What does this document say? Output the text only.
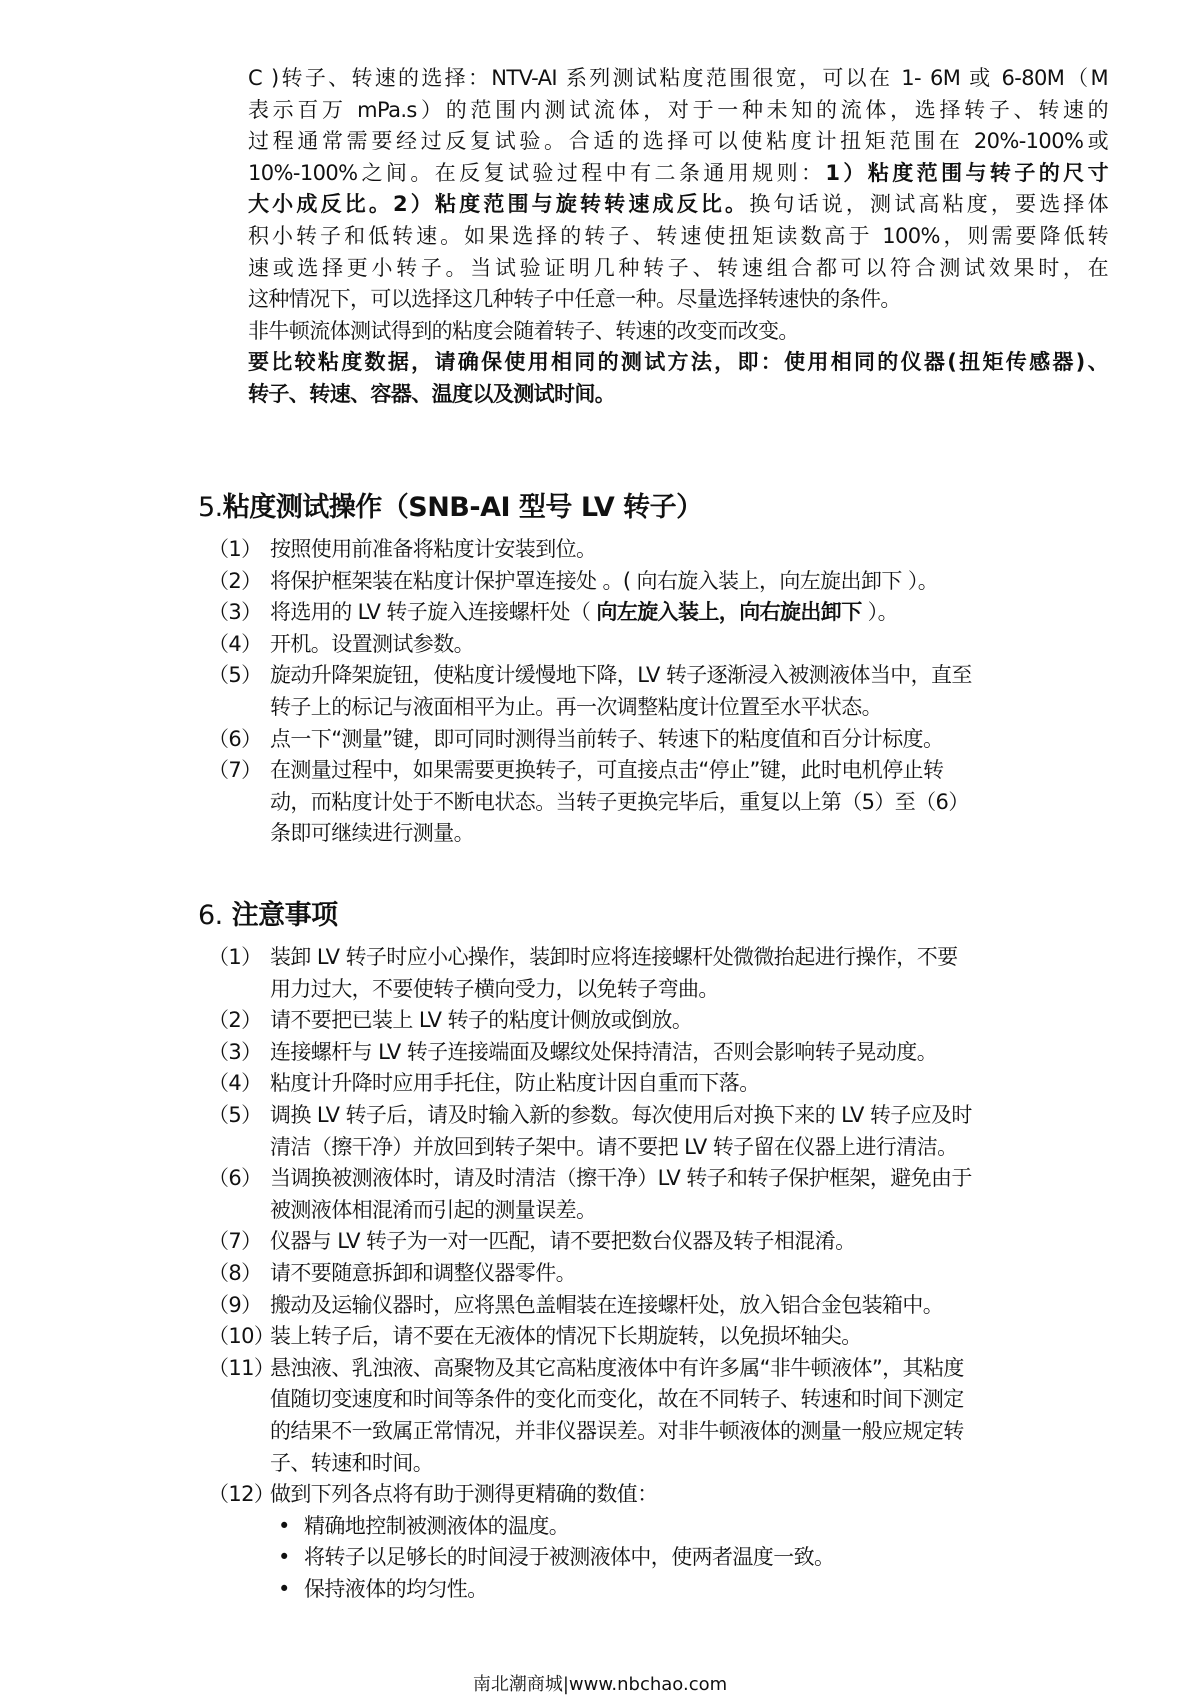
C )转子、转速的选择：NTV-AI 系列测试粘度范围很宽，可以在 1- 6M 或 6-80M（M
表示百万 mPa.s）的范围内测试流体，对于一种未知的流体，选择转子、转速的
过程通常需要经过反复试验。合适的选择可以使粘度计扭矩范围在 20%-100%或
10%-100%之间。在反复试验过程中有二条通用规则：1）粘度范围与转子的尺寸
大小成反比。2）粘度范围与旋转转速成反比。换句话说，测试高粘度，要选择体
积小转子和低转速。如果选择的转子、转速使扭矩读数高于 100%，则需要降低转
速或选择更小转子。当试验证明几种转子、转速组合都可以符合测试效果时，在
这种情况下，可以选择这几种转子中任意一种。尽量选择转速快的条件。
非牛顿流体测试得到的粘度会随着转子、转速的改变而改变。
要比较粘度数据，请确保使用相同的测试方法，即：使用相同的仪器(扭矩传感器)、
转子、转速、容器、温度以及测试时间。
5.粘度测试操作（SNB-AI 型号 LV 转子）
（1） 按照使用前准备将粘度计安装到位。
（2） 将保护框架装在粘度计保护罩连接处 。( 向右旋入装上，向左旋出卸下 ）。
（3） 将选用的 LV 转子旋入连接螺杆处（ 向左旋入装上，向右旋出卸下 ）。
（4） 开机。设置测试参数。
（5） 旋动升降架旋钮，使粘度计缓慢地下降，LV 转子逐渐浸入被测液体当中，直至
转子上的标记与液面相平为止。再一次调整粘度计位置至水平状态。
（6） 点一下“测量”键，即可同时测得当前转子、转速下的粘度值和百分计标度。
（7） 在测量过程中，如果需要更换转子，可直接点击“停止”键，此时电机停止转
动，而粘度计处于不断电状态。当转子更换完毕后，重复以上第（5）至（6）
条即可继续进行测量。
6. 注意事项
（1） 装卸 LV 转子时应小心操作，装卸时应将连接螺杆处微微抬起进行操作，不要
用力过大，不要使转子横向受力，以免转子弯曲。
（2） 请不要把已装上 LV 转子的粘度计侧放或倒放。
（3） 连接螺杆与 LV 转子连接端面及螺纹处保持清洁，否则会影响转子晃动度。
（4） 粘度计升降时应用手托住，防止粘度计因自重而下落。
（5） 调换 LV 转子后，请及时输入新的参数。每次使用后对换下来的 LV 转子应及时
清洁（擦干净）并放回到转子架中。请不要把 LV 转子留在仪器上进行清洁。
（6） 当调换被测液体时，请及时清洁（擦干净）LV 转子和转子保护框架，避免由于
被测液体相混淆而引起的测量误差。
（7） 仪器与 LV 转子为一对一匹配，请不要把数台仪器及转子相混淆。
（8） 请不要随意拆卸和调整仪器零件。
（9） 搬动及运输仪器时，应将黑色盖帽装在连接螺杆处，放入铝合金包装箱中。
（10）
装上转子后，请不要在无液体的情况下长期旋转，以免损坏轴尖。
（11）
悬浊液、乳浊液、高聚物及其它高粘度液体中有许多属“非牛顿液体”，其粘度
值随切变速度和时间等条件的变化而变化，故在不同转子、转速和时间下测定
的结果不一致属正常情况，并非仪器误差。对非牛顿液体的测量一般应规定转
子、转速和时间。
（12）
做到下列各点将有助于测得更精确的数值：
• 精确地控制被测液体的温度。
• 将转子以足够长的时间浸于被测液体中，使两者温度一致。
• 保持液体的均匀性。
南北潮商城|www.nbchao.com
